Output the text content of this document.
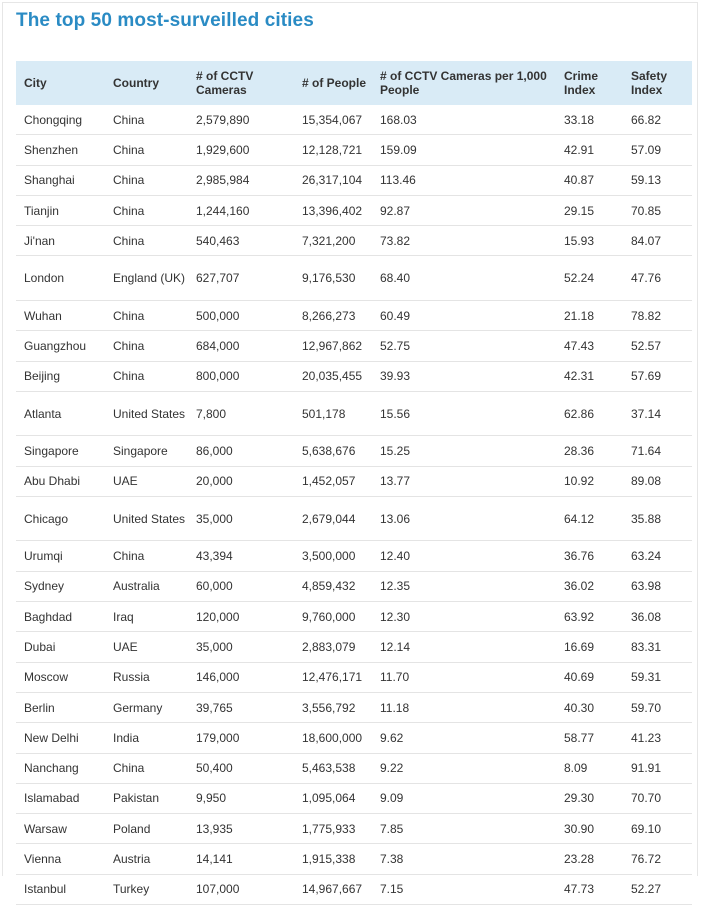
The top 50 most-surveilled cities
City	Country	# of CCTV Cameras	# of People	# of CCTV Cameras per 1,000 People	Crime Index	Safety Index
Chongqing	China	2,579,890	15,354,067	168.03	33.18	66.82
Shenzhen	China	1,929,600	12,128,721	159.09	42.91	57.09
Shanghai	China	2,985,984	26,317,104	113.46	40.87	59.13
Tianjin	China	1,244,160	13,396,402	92.87	29.15	70.85
Ji'nan	China	540,463	7,321,200	73.82	15.93	84.07
London	England (UK)	627,707	9,176,530	68.40	52.24	47.76
Wuhan	China	500,000	8,266,273	60.49	21.18	78.82
Guangzhou	China	684,000	12,967,862	52.75	47.43	52.57
Beijing	China	800,000	20,035,455	39.93	42.31	57.69
Atlanta	United States	7,800	501,178	15.56	62.86	37.14
Singapore	Singapore	86,000	5,638,676	15.25	28.36	71.64
Abu Dhabi	UAE	20,000	1,452,057	13.77	10.92	89.08
Chicago	United States	35,000	2,679,044	13.06	64.12	35.88
Urumqi	China	43,394	3,500,000	12.40	36.76	63.24
Sydney	Australia	60,000	4,859,432	12.35	36.02	63.98
Baghdad	Iraq	120,000	9,760,000	12.30	63.92	36.08
Dubai	UAE	35,000	2,883,079	12.14	16.69	83.31
Moscow	Russia	146,000	12,476,171	11.70	40.69	59.31
Berlin	Germany	39,765	3,556,792	11.18	40.30	59.70
New Delhi	India	179,000	18,600,000	9.62	58.77	41.23
Nanchang	China	50,400	5,463,538	9.22	8.09	91.91
Islamabad	Pakistan	9,950	1,095,064	9.09	29.30	70.70
Warsaw	Poland	13,935	1,775,933	7.85	30.90	69.10
Vienna	Austria	14,141	1,915,338	7.38	23.28	76.72
Istanbul	Turkey	107,000	14,967,667	7.15	47.73	52.27
